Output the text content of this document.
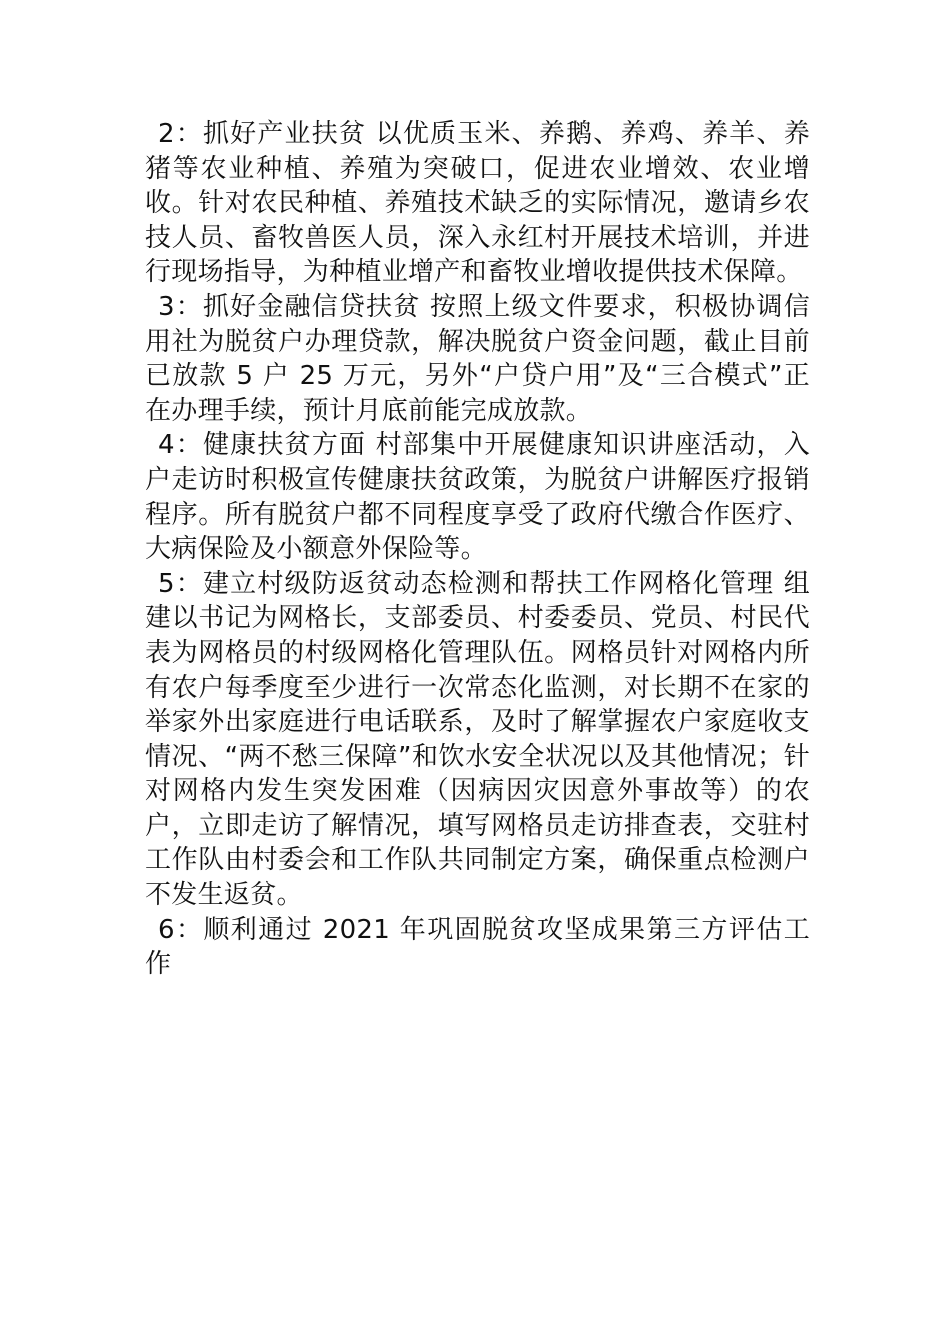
2：抓好产业扶贫 以优质玉米、养鹅、养鸡、养羊、养猪等农业种植、养殖为突破口，促进农业增效、农业增收。针对农民种植、养殖技术缺乏的实际情况，邀请乡农技人员、畜牧兽医人员，深入永红村开展技术培训，并进行现场指导，为种植业增产和畜牧业增收提供技术保障。

3：抓好金融信贷扶贫 按照上级文件要求，积极协调信用社为脱贫户办理贷款，解决脱贫户资金问题，截止目前已放款 5 户 25 万元，另外“户贷户用”及“三合模式”正在办理手续，预计月底前能完成放款。

4：健康扶贫方面 村部集中开展健康知识讲座活动，入户走访时积极宣传健康扶贫政策，为脱贫户讲解医疗报销程序。所有脱贫户都不同程度享受了政府代缴合作医疗、大病保险及小额意外保险等。

5：建立村级防返贫动态检测和帮扶工作网格化管理 组建以书记为网格长，支部委员、村委委员、党员、村民代表为网格员的村级网格化管理队伍。网格员针对网格内所有农户每季度至少进行一次常态化监测，对长期不在家的举家外出家庭进行电话联系，及时了解掌握农户家庭收支情况、“两不愁三保障”和饮水安全状况以及其他情况；针对网格内发生突发困难（因病因灾因意外事故等）的农户，立即走访了解情况，填写网格员走访排查表，交驻村工作队由村委会和工作队共同制定方案，确保重点检测户不发生返贫。

6：顺利通过 2021 年巩固脱贫攻坚成果第三方评估工作
